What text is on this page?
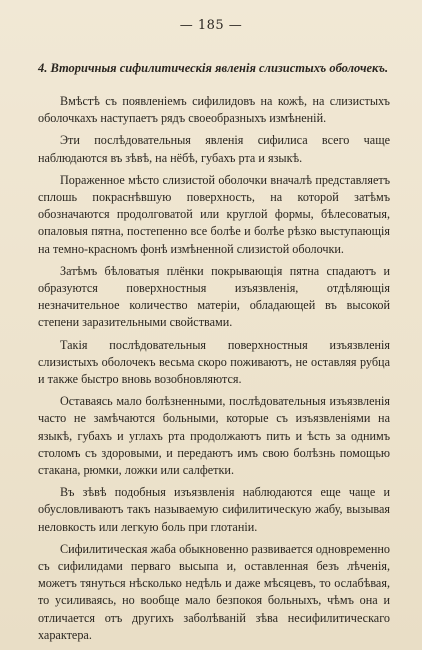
— 185 —

4. Вторичныя сифилитическія явленія слизистыхъ оболочекъ.

Вмѣстѣ съ появленіемъ сифилидовъ на кожѣ, на слизистыхъ оболочкахъ наступаетъ рядъ своеобразныхъ измѣненій.

Эти послѣдовательныя явленія сифилиса всего чаще наблюдаются въ зѣвѣ, на нёбѣ, губахъ рта и языкѣ.

Пораженное мѣсто слизистой оболочки вначалѣ представляетъ сплошь покраснѣвшую поверхность, на которой затѣмъ обозначаются продолговатой или круглой формы, бѣлесоватыя, опаловыя пятна, постепенно все болѣе и болѣе рѣзко выступающія на темно-красномъ фонѣ измѣненной слизистой оболочки.

Затѣмъ бѣловатыя плёнки покрывающія пятна спадаютъ и образуются поверхностныя изъязвленія, отдѣляющія незначительное количество матеріи, обладающей въ высокой степени заразительными свойствами.

Такія послѣдовательныя поверхностныя изъязвленія слизистыхъ оболочекъ весьма скоро поживаютъ, не оставляя рубца и также быстро вновь возобновляются.

Оставаясь мало болѣзненными, послѣдовательныя изъязвленія часто не замѣчаются больными, которые съ изъязвленіями на языкѣ, губахъ и углахъ рта продолжаютъ пить и ѣсть за однимъ столомъ съ здоровыми, и передаютъ имъ свою болѣзнь помощью стакана, рюмки, ложки или салфетки.

Въ зѣвѣ подобныя изъязвленія наблюдаются еще чаще и обусловливаютъ такъ называемую сифилитическую жабу, вызывая неловкость или легкую боль при глотаніи.

Сифилитическая жаба обыкновенно развивается одновременно съ сифилидами перваго высыпа и, оставленная безъ лѣченія, можетъ тянуться нѣсколько недѣль и даже мѣсяцевъ, то ослабѣвая, то усиливаясь, но вообще мало безпокоя больныхъ, чѣмъ она и отличается отъ другихъ заболѣваній зѣва несифилитическаго характера.
